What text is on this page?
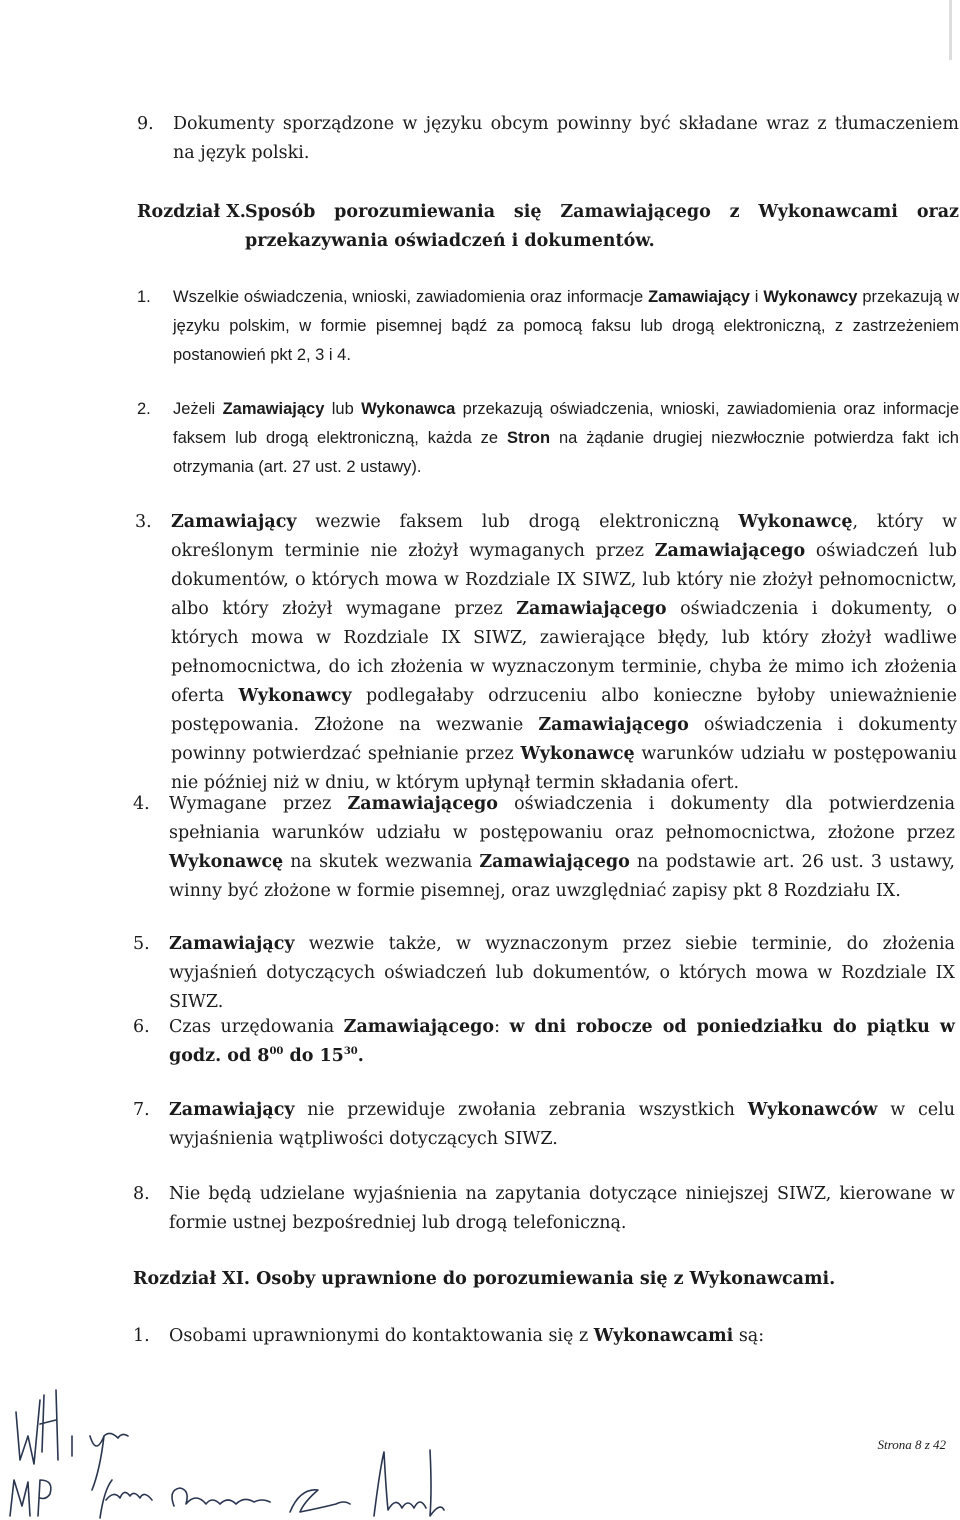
9. Dokumenty sporządzone w języku obcym powinny być składane wraz z tłumaczeniem na język polski.
Rozdział X. Sposób porozumiewania się Zamawiającego z Wykonawcami oraz przekazywania oświadczeń i dokumentów.
1. Wszelkie oświadczenia, wnioski, zawiadomienia oraz informacje Zamawiający i Wykonawcy przekazują w języku polskim, w formie pisemnej bądź za pomocą faksu lub drogą elektroniczną, z zastrzeżeniem postanowień pkt 2, 3 i 4.
2. Jeżeli Zamawiający lub Wykonawca przekazują oświadczenia, wnioski, zawiadomienia oraz informacje faksem lub drogą elektroniczną, każda ze Stron na żądanie drugiej niezwłocznie potwierdza fakt ich otrzymania (art. 27 ust. 2 ustawy).
3. Zamawiający wezwie faksem lub drogą elektroniczną Wykonawcę, który w określonym terminie nie złożył wymaganych przez Zamawiającego oświadczeń lub dokumentów, o których mowa w Rozdziale IX SIWZ, lub który nie złożył pełnomocnictw, albo który złożył wymagane przez Zamawiającego oświadczenia i dokumenty, o których mowa w Rozdziale IX SIWZ, zawierające błędy, lub który złożył wadliwe pełnomocnictwa, do ich złożenia w wyznaczonym terminie, chyba że mimo ich złożenia oferta Wykonawcy podlegałaby odrzuceniu albo konieczne byłoby unieważnienie postępowania. Złożone na wezwanie Zamawiającego oświadczenia i dokumenty powinny potwierdzać spełnianie przez Wykonawcę warunków udziału w postępowaniu nie później niż w dniu, w którym upłynął termin składania ofert.
4. Wymagane przez Zamawiającego oświadczenia i dokumenty dla potwierdzenia spełniania warunków udziału w postępowaniu oraz pełnomocnictwa, złożone przez Wykonawcę na skutek wezwania Zamawiającego na podstawie art. 26 ust. 3 ustawy, winny być złożone w formie pisemnej, oraz uwzględniać zapisy pkt 8 Rozdziału IX.
5. Zamawiający wezwie także, w wyznaczonym przez siebie terminie, do złożenia wyjaśnień dotyczących oświadczeń lub dokumentów, o których mowa w Rozdziale IX SIWZ.
6. Czas urzędowania Zamawiającego: w dni robocze od poniedziałku do piątku w godz. od $8^{00}$ do $15^{30}$.
7. Zamawiający nie przewiduje zwołania zebrania wszystkich Wykonawców w celu wyjaśnienia wątpliwości dotyczących SIWZ.
8. Nie będą udzielane wyjaśnienia na zapytania dotyczące niniejszej SIWZ, kierowane w formie ustnej bezpośredniej lub drogą telefoniczną.
Rozdział XI. Osoby uprawnione do porozumiewania się z Wykonawcami.
1. Osobami uprawnionymi do kontaktowania się z Wykonawcami są:
Strona 8 z 42
